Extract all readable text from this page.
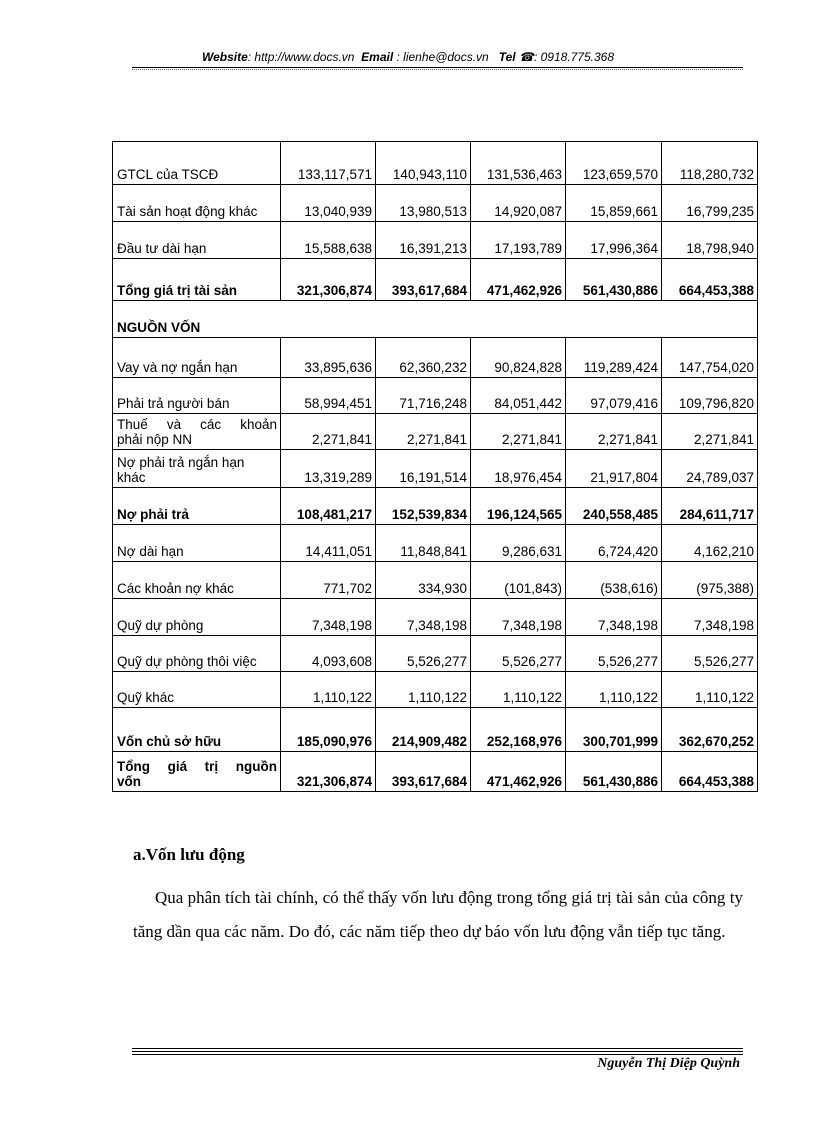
Website: http://www.docs.vn Email : lienhe@docs.vn Tel ☎: 0918.775.368
GTCL của TSCĐ	133,117,571	140,943,110	131,536,463	123,659,570	118,280,732
Tài sản hoạt động khác	13,040,939	13,980,513	14,920,087	15,859,661	16,799,235
Đầu tư dài hạn	15,588,638	16,391,213	17,193,789	17,996,364	18,798,940
Tổng giá trị tài sản	321,306,874	393,617,684	471,462,926	561,430,886	664,453,388
NGUỒN VỐN					
Vay và nợ ngắn hạn	33,895,636	62,360,232	90,824,828	119,289,424	147,754,020
Phải trả người bán	58,994,451	71,716,248	84,051,442	97,079,416	109,796,820

Thuế và các khoản
phải nộp NN	2,271,841	2,271,841	2,271,841	2,271,841	2,271,841

Nợ phải trả ngắn hạn
khác	13,319,289	16,191,514	18,976,454	21,917,804	24,789,037
Nợ phải trả	108,481,217	152,539,834	196,124,565	240,558,485	284,611,717
Nợ dài hạn	14,411,051	11,848,841	9,286,631	6,724,420	4,162,210
Các khoản nợ khác	771,702	334,930	(101,843)	(538,616)	(975,388)
Quỹ dự phòng	7,348,198	7,348,198	7,348,198	7,348,198	7,348,198
Quỹ dự phòng thôi việc	4,093,608	5,526,277	5,526,277	5,526,277	5,526,277
Quỹ khác	1,110,122	1,110,122	1,110,122	1,110,122	1,110,122
Vốn chủ sở hữu	185,090,976	214,909,482	252,168,976	300,701,999	362,670,252

Tổng giá trị nguồn
vốn	321,306,874	393,617,684	471,462,926	561,430,886	664,453,388
a.Vốn lưu động
Qua phân tích tài chính, có thể thấy vốn lưu động trong tổng giá trị tài sản của công ty tăng dần qua các năm. Do đó, các năm tiếp theo dự báo vốn lưu động vẫn tiếp tục tăng.
Nguyễn Thị Diệp Quỳnh
